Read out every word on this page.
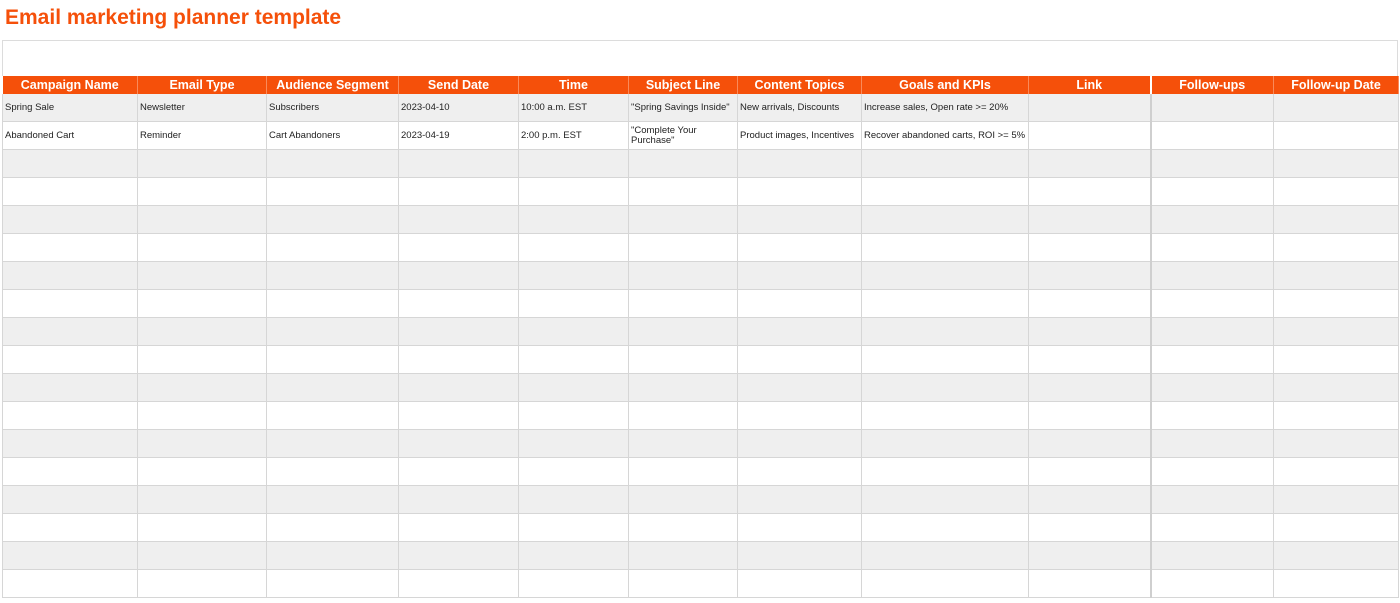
Email marketing planner template
Campaign Name	Email Type	Audience Segment	Send Date	Time	Subject Line	Content Topics	Goals and KPIs	Link	Follow-ups	Follow-up Date
Spring Sale	Newsletter	Subscribers	2023-04-10	10:00 a.m. EST	"Spring Savings Inside"	New arrivals, Discounts	Increase sales, Open rate >= 20%			
Abandoned Cart	Reminder	Cart Abandoners	2023-04-19	2:00 p.m. EST	"Complete Your Purchase"	Product images, Incentives	Recover abandoned carts, ROI >= 5%			
